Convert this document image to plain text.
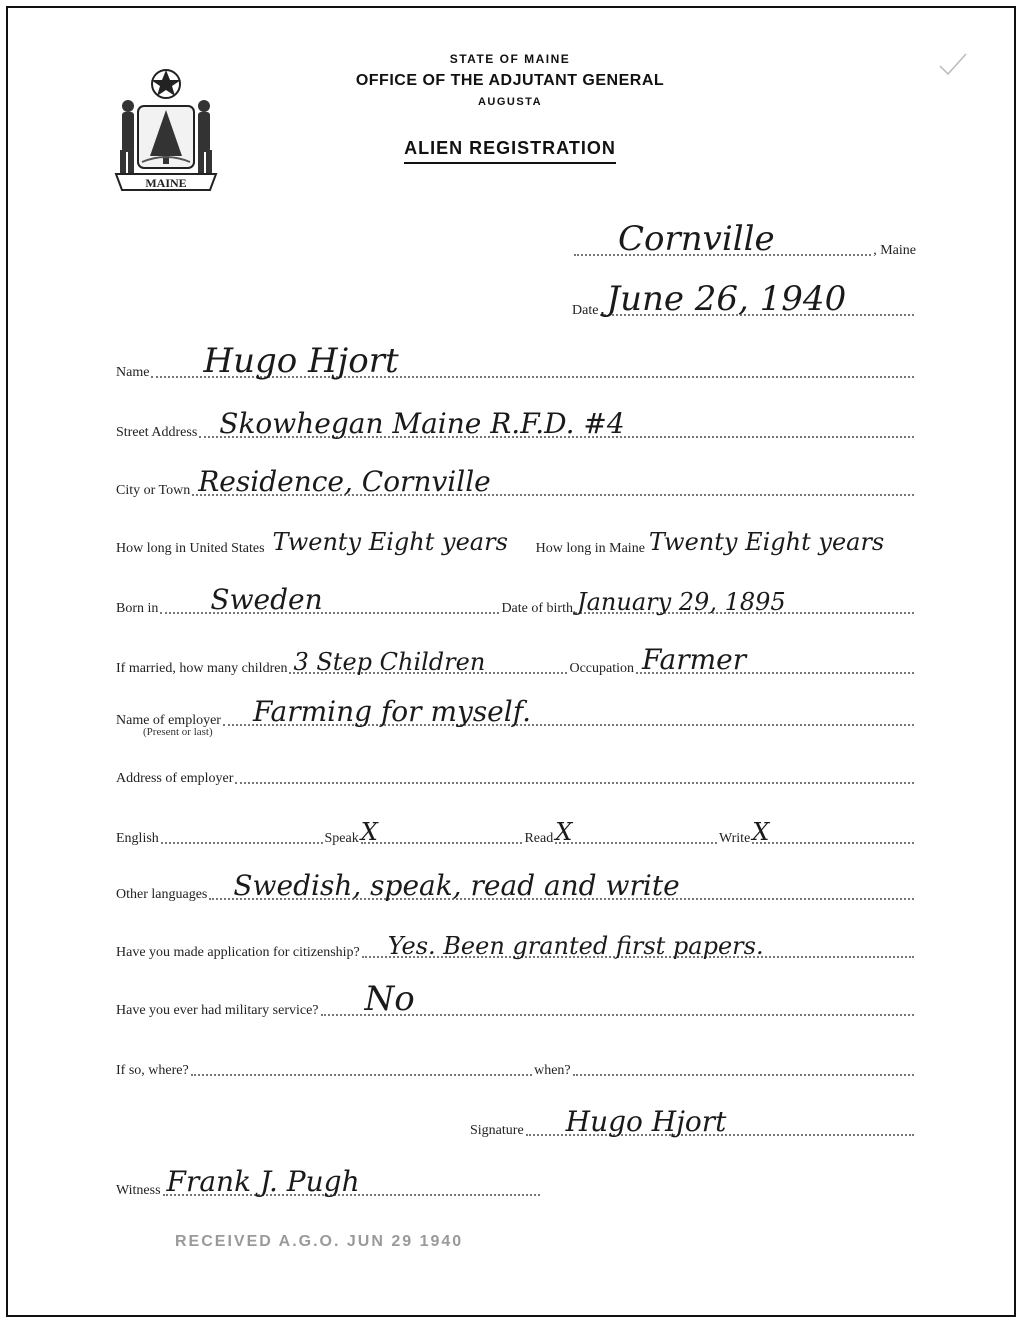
MAINE
STATE OF MAINE
OFFICE OF THE ADJUTANT GENERAL
AUGUSTA
ALIEN REGISTRATION
Cornville	, Maine
Date June 26, 1940
Name Hugo Hjort
Street Address Skowhegan Maine R.F.D. #4
City or Town Residence, Cornville
How long in United States Twenty Eight years How long in Maine Twenty Eight years
Born in Sweden	Date of birth January 29, 1895
If married, how many children 3 Step Children	Occupation Farmer
Name of employer Farming for myself.
(Present or last)
Address of employer
English	Speak X	Read X	Write X
Other languages Swedish, speak, read and write
Have you made application for citizenship? Yes. Been granted first papers.
Have you ever had military service? No
If so, where?	when?
Signature Hugo Hjort
Witness Frank J. Pugh
RECEIVED A.G.O. JUN 29 1940
